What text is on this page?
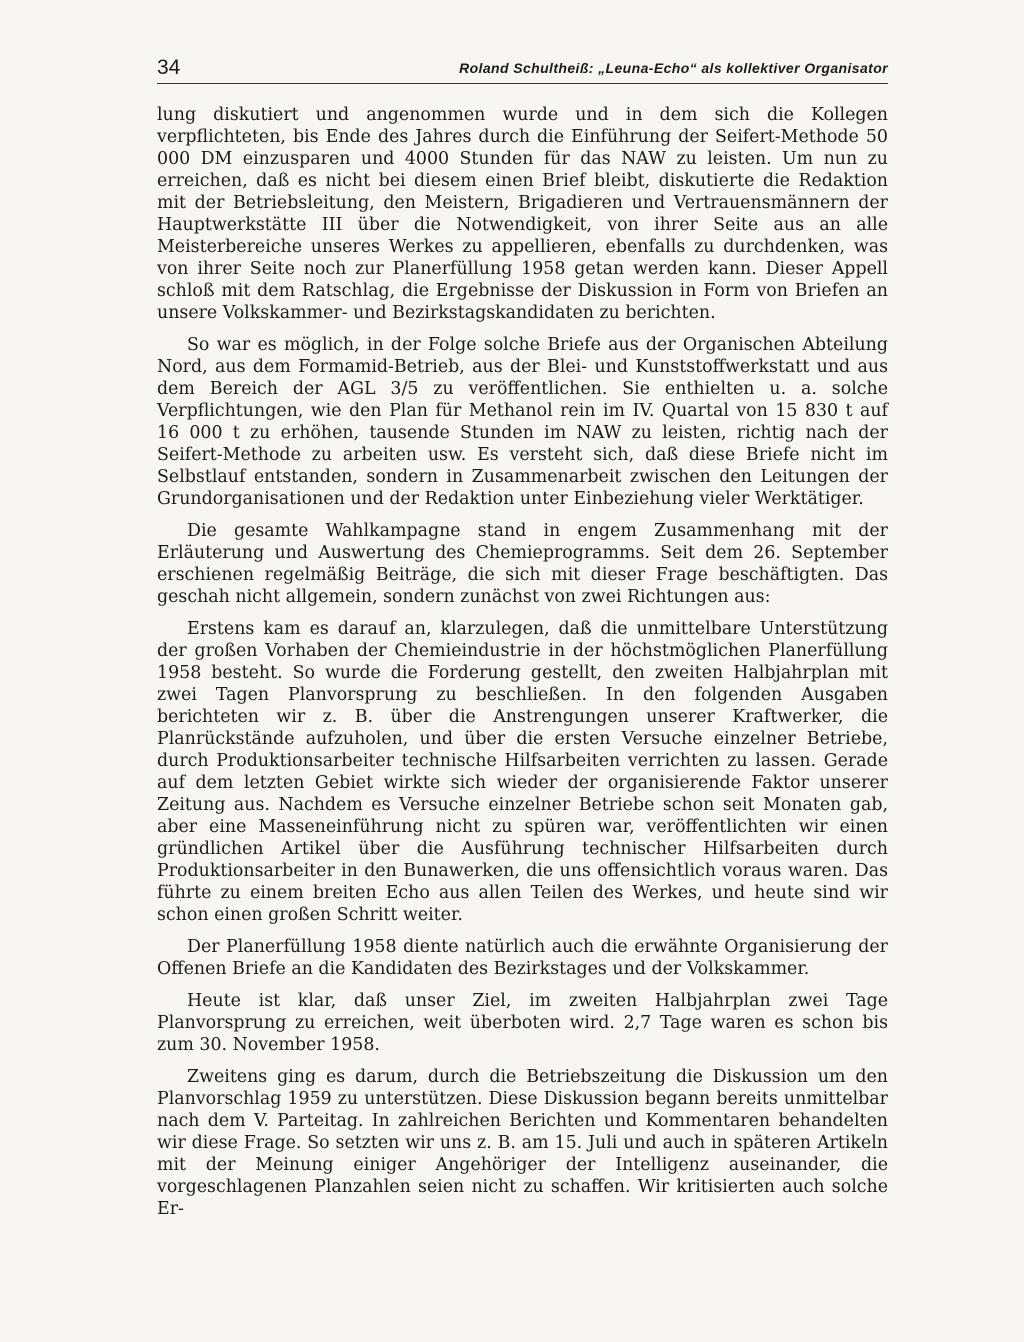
34	Roland Schultheiß: „Leuna-Echo“ als kollektiver Organisator

lung diskutiert und angenommen wurde und in dem sich die Kollegen verpflichteten, bis Ende des Jahres durch die Einführung der Seifert-Methode 50 000 DM einzusparen und 4000 Stunden für das NAW zu leisten. Um nun zu erreichen, daß es nicht bei diesem einen Brief bleibt, diskutierte die Redaktion mit der Betriebsleitung, den Meistern, Brigadieren und Vertrauensmännern der Hauptwerkstätte III über die Notwendigkeit, von ihrer Seite aus an alle Meisterbereiche unseres Werkes zu appellieren, ebenfalls zu durchdenken, was von ihrer Seite noch zur Planerfüllung 1958 getan werden kann. Dieser Appell schloß mit dem Ratschlag, die Ergebnisse der Diskussion in Form von Briefen an unsere Volkskammer- und Bezirkstagskandidaten zu berichten.

So war es möglich, in der Folge solche Briefe aus der Organischen Abteilung Nord, aus dem Formamid-Betrieb, aus der Blei- und Kunststoffwerkstatt und aus dem Bereich der AGL 3/5 zu veröffentlichen. Sie enthielten u. a. solche Verpflichtungen, wie den Plan für Methanol rein im IV. Quartal von 15 830 t auf 16 000 t zu erhöhen, tausende Stunden im NAW zu leisten, richtig nach der Seifert-Methode zu arbeiten usw. Es versteht sich, daß diese Briefe nicht im Selbstlauf entstanden, sondern in Zusammenarbeit zwischen den Leitungen der Grundorganisationen und der Redaktion unter Einbeziehung vieler Werktätiger.

Die gesamte Wahlkampagne stand in engem Zusammenhang mit der Erläuterung und Auswertung des Chemieprogramms. Seit dem 26. September erschienen regelmäßig Beiträge, die sich mit dieser Frage beschäftigten. Das geschah nicht allgemein, sondern zunächst von zwei Richtungen aus:

Erstens kam es darauf an, klarzulegen, daß die unmittelbare Unterstützung der großen Vorhaben der Chemieindustrie in der höchstmöglichen Planerfüllung 1958 besteht. So wurde die Forderung gestellt, den zweiten Halbjahrplan mit zwei Tagen Planvorsprung zu beschließen. In den folgenden Ausgaben berichteten wir z. B. über die Anstrengungen unserer Kraftwerker, die Planrückstände aufzuholen, und über die ersten Versuche einzelner Betriebe, durch Produktionsarbeiter technische Hilfsarbeiten verrichten zu lassen. Gerade auf dem letzten Gebiet wirkte sich wieder der organisierende Faktor unserer Zeitung aus. Nachdem es Versuche einzelner Betriebe schon seit Monaten gab, aber eine Masseneinführung nicht zu spüren war, veröffentlichten wir einen gründlichen Artikel über die Ausführung technischer Hilfsarbeiten durch Produktionsarbeiter in den Bunawerken, die uns offensichtlich voraus waren. Das führte zu einem breiten Echo aus allen Teilen des Werkes, und heute sind wir schon einen großen Schritt weiter.

Der Planerfüllung 1958 diente natürlich auch die erwähnte Organisierung der Offenen Briefe an die Kandidaten des Bezirkstages und der Volkskammer.

Heute ist klar, daß unser Ziel, im zweiten Halbjahrplan zwei Tage Planvorsprung zu erreichen, weit überboten wird. 2,7 Tage waren es schon bis zum 30. November 1958.

Zweitens ging es darum, durch die Betriebszeitung die Diskussion um den Planvorschlag 1959 zu unterstützen. Diese Diskussion begann bereits unmittelbar nach dem V. Parteitag. In zahlreichen Berichten und Kommentaren behandelten wir diese Frage. So setzten wir uns z. B. am 15. Juli und auch in späteren Artikeln mit der Meinung einiger Angehöriger der Intelligenz auseinander, die vorgeschlagenen Planzahlen seien nicht zu schaffen. Wir kritisierten auch solche Er-
